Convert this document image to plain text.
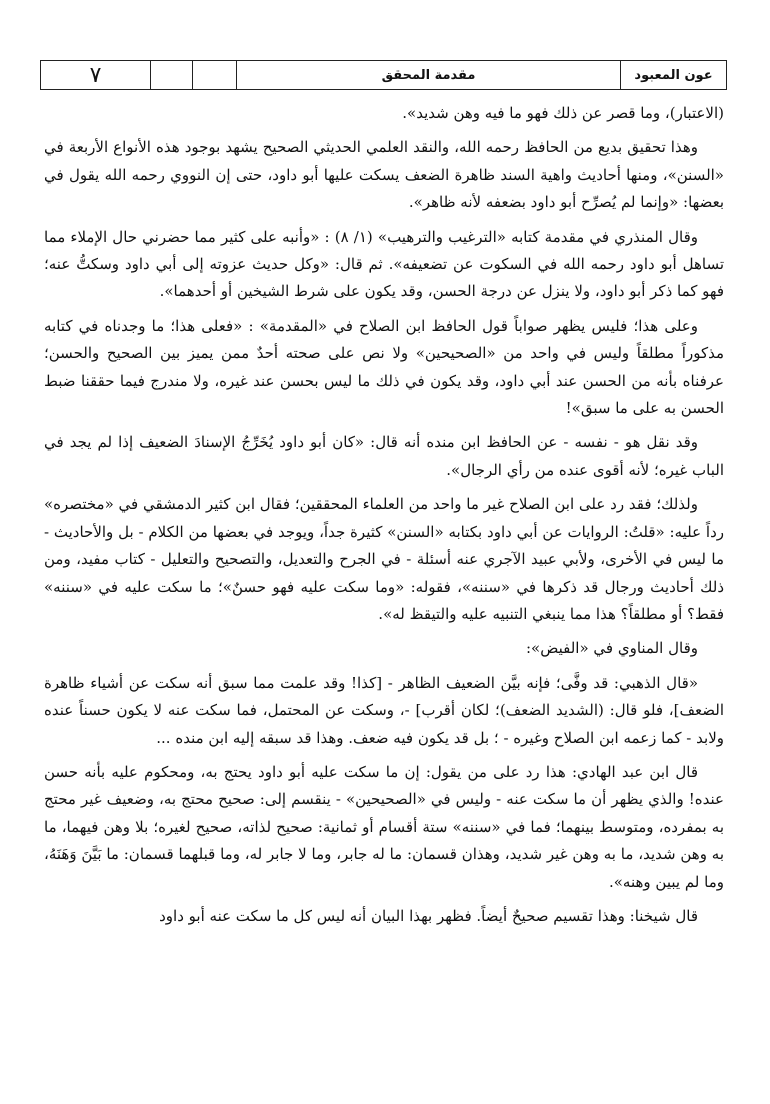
عون المعبود
مقدمة المحقق
٧

(الاعتبار)، وما قصر عن ذلك فهو ما فيه وهن شديد».

وهذا تحقيق بديع من الحافظ رحمه الله، والنقد العلمي الحديثي الصحيح يشهد بوجود هذه الأنواع الأربعة في «السنن»، ومنها أحاديث واهية السند ظاهرة الضعف يسكت عليها أبو داود، حتى إن النووي رحمه الله يقول في بعضها: «وإنما لم يُصرِّح أبو داود بضعفه لأنه ظاهر».

وقال المنذري في مقدمة كتابه «الترغيب والترهيب» (١/ ٨) : «وأنبه على كثير مما حضرني حال الإملاء مما تساهل أبو داود رحمه الله في السكوت عن تضعيفه». ثم قال: «وكل حديث عزوته إلى أبي داود وسكتُّ عنه؛ فهو كما ذكر أبو داود، ولا ينزل عن درجة الحسن، وقد يكون على شرط الشيخين أو أحدهما».

وعلى هذا؛ فليس يظهر صواباً قول الحافظ ابن الصلاح في «المقدمة» : «فعلى هذا؛ ما وجدناه في كتابه مذكوراً مطلقاً وليس في واحد من «الصحيحين» ولا نص على صحته أحدٌ ممن يميز بين الصحيح والحسن؛ عرفناه بأنه من الحسن عند أبي داود، وقد يكون في ذلك ما ليس بحسن عند غيره، ولا مندرج فيما حققنا ضبط الحسن به على ما سبق»!

وقد نقل هو - نفسه - عن الحافظ ابن منده أنه قال: «كان أبو داود يُخَرِّجُ الإسنادَ الضعيف إذا لم يجد في الباب غيره؛ لأنه أقوى عنده من رأي الرجال».

ولذلك؛ فقد رد على ابن الصلاح غير ما واحد من العلماء المحققين؛ فقال ابن كثير الدمشقي في «مختصره» رداً عليه: «قلتُ: الروايات عن أبي داود بكتابه «السنن» كثيرة جداً، ويوجد في بعضها من الكلام - بل والأحاديث - ما ليس في الأخرى، ولأبي عبيد الآجري عنه أسئلة - في الجرح والتعديل، والتصحيح والتعليل - كتاب مفيد، ومن ذلك أحاديث ورجال قد ذكرها في «سننه»، فقوله: «وما سكت عليه فهو حسنٌ»؛ ما سكت عليه في «سننه» فقط؟ أو مطلقاً؟ هذا مما ينبغي التنبيه عليه والتيقظ له».

وقال المناوي في «الفيض»:

«قال الذهبي: قد وفَّى؛ فإنه بيَّن الضعيف الظاهر - [كذا! وقد علمت مما سبق أنه سكت عن أشياء ظاهرة الضعف]، فلو قال: (الشديد الضعف)؛ لكان أقرب] -، وسكت عن المحتمل، فما سكت عنه لا يكون حسناً عنده ولابد - كما زعمه ابن الصلاح وغيره - ؛ بل قد يكون فيه ضعف. وهذا قد سبقه إليه ابن منده ...

قال ابن عبد الهادي: هذا رد على من يقول: إن ما سكت عليه أبو داود يحتج به، ومحكوم عليه بأنه حسن عنده! والذي يظهر أن ما سكت عنه - وليس في «الصحيحين» - ينقسم إلى: صحيح محتج به، وضعيف غير محتج به بمفرده، ومتوسط بينهما؛ فما في «سننه» ستة أقسام أو ثمانية: صحيح لذاته، صحيح لغيره؛ بلا وهن فيهما، ما به وهن شديد، ما به وهن غير شديد، وهذان قسمان: ما له جابر، وما لا جابر له، وما قبلهما قسمان: ما بَيَّنَ وَهَنَهُ، وما لم يبين وهنه».

قال شيخنا: وهذا تقسيم صحيحٌ أيضاً. فظهر بهذا البيان أنه ليس كل ما سكت عنه أبو داود
